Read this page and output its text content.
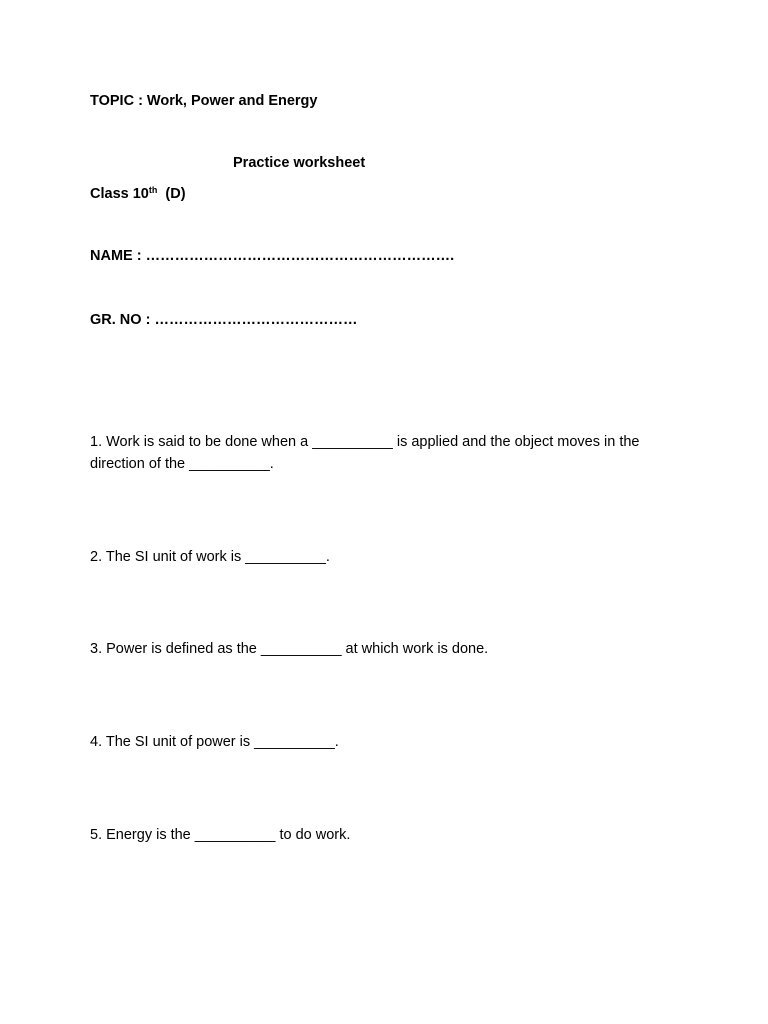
TOPIC : Work, Power and Energy
Practice worksheet
Class 10th  (D)
NAME : ……………………………………………………….
GR. NO : ……………………………………
1. Work is said to be done when a __________ is applied and the object moves in the
direction of the __________.
2. The SI unit of work is __________.
3. Power is defined as the __________ at which work is done.
4. The SI unit of power is __________.
5. Energy is the __________ to do work.
